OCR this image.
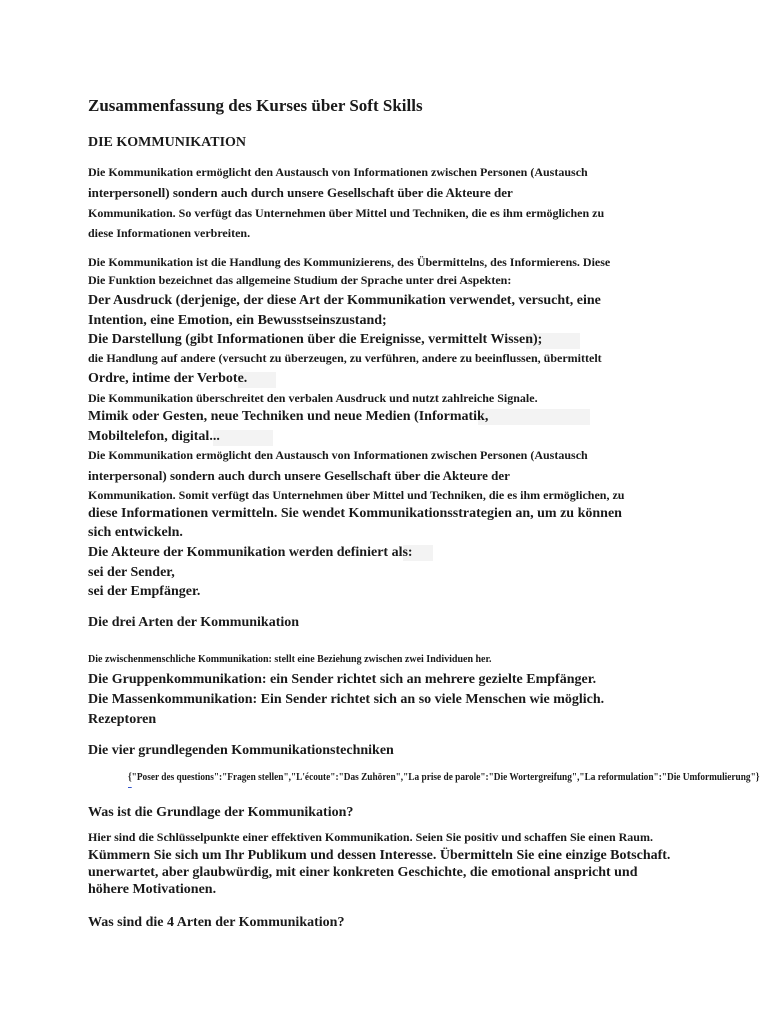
Zusammenfassung des Kurses über Soft Skills
DIE KOMMUNIKATION
Die Kommunikation ermöglicht den Austausch von Informationen zwischen Personen (Austausch
interpersonell) sondern auch durch unsere Gesellschaft über die Akteure der
Kommunikation. So verfügt das Unternehmen über Mittel und Techniken, die es ihm ermöglichen zu
diese Informationen verbreiten.
Die Kommunikation ist die Handlung des Kommunizierens, des Übermittelns, des Informierens. Diese
Die Funktion bezeichnet das allgemeine Studium der Sprache unter drei Aspekten:
Der Ausdruck (derjenige, der diese Art der Kommunikation verwendet, versucht, eine
Intention, eine Emotion, ein Bewusstseinszustand;
Die Darstellung (gibt Informationen über die Ereignisse, vermittelt Wissen);
die Handlung auf andere (versucht zu überzeugen, zu verführen, andere zu beeinflussen, übermittelt
Ordre, intime der Verbote.
Die Kommunikation überschreitet den verbalen Ausdruck und nutzt zahlreiche Signale.
Mimik oder Gesten, neue Techniken und neue Medien (Informatik,
Mobiltelefon, digital...
Die Kommunikation ermöglicht den Austausch von Informationen zwischen Personen (Austausch
interpersonal) sondern auch durch unsere Gesellschaft über die Akteure der
Kommunikation. Somit verfügt das Unternehmen über Mittel und Techniken, die es ihm ermöglichen, zu
diese Informationen vermitteln. Sie wendet Kommunikationsstrategien an, um zu können
sich entwickeln.
Die Akteure der Kommunikation werden definiert als:
sei der Sender,
sei der Empfänger.
Die drei Arten der Kommunikation
Die zwischenmenschliche Kommunikation: stellt eine Beziehung zwischen zwei Individuen her.
Die Gruppenkommunikation: ein Sender richtet sich an mehrere gezielte Empfänger.
Die Massenkommunikation: Ein Sender richtet sich an so viele Menschen wie möglich.
Rezeptoren
Die vier grundlegenden Kommunikationstechniken
{"Poser des questions":"Fragen stellen","L'écoute":"Das Zuhören","La prise de parole":"Die Wortergreifung","La reformulation":"Die Umformulierung"}
Was ist die Grundlage der Kommunikation?
Hier sind die Schlüsselpunkte einer effektiven Kommunikation. Seien Sie positiv und schaffen Sie einen Raum.
Kümmern Sie sich um Ihr Publikum und dessen Interesse. Übermitteln Sie eine einzige Botschaft.
unerwartet, aber glaubwürdig, mit einer konkreten Geschichte, die emotional anspricht und
höhere Motivationen.
Was sind die 4 Arten der Kommunikation?
